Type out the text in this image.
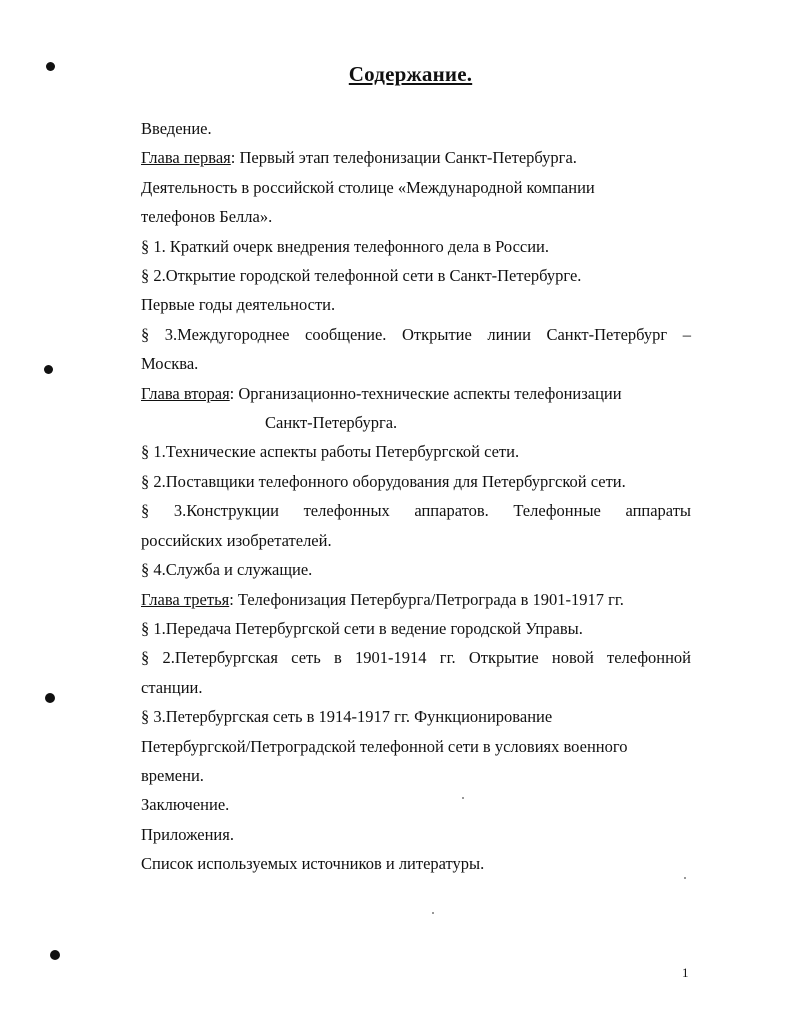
Содержание.
Введение.
Глава первая: Первый этап телефонизации Санкт-Петербурга.
Деятельность в российской столице «Международной компании
телефонов Белла».
§ 1. Краткий очерк внедрения телефонного дела в России.
§ 2.Открытие городской телефонной сети в Санкт-Петербурге.
Первые годы деятельности.
§ 3.Междугороднее сообщение. Открытие линии Санкт-Петербург –
Москва.
Глава вторая: Организационно-технические аспекты телефонизации
Санкт-Петербурга.
§ 1.Технические аспекты работы Петербургской сети.
§ 2.Поставщики телефонного оборудования для Петербургской сети.
§ 3.Конструкции телефонных аппаратов. Телефонные аппараты
российских изобретателей.
§ 4.Служба и служащие.
Глава третья: Телефонизация Петербурга/Петрограда в 1901-1917 гг.
§ 1.Передача Петербургской сети в ведение городской Управы.
§ 2.Петербургская сеть в 1901-1914 гг. Открытие новой телефонной
станции.
§ 3.Петербургская сеть в 1914-1917 гг. Функционирование
Петербургской/Петроградской телефонной сети в условиях военного
времени.
Заключение.
Приложения.
Список используемых источников и литературы.
1
